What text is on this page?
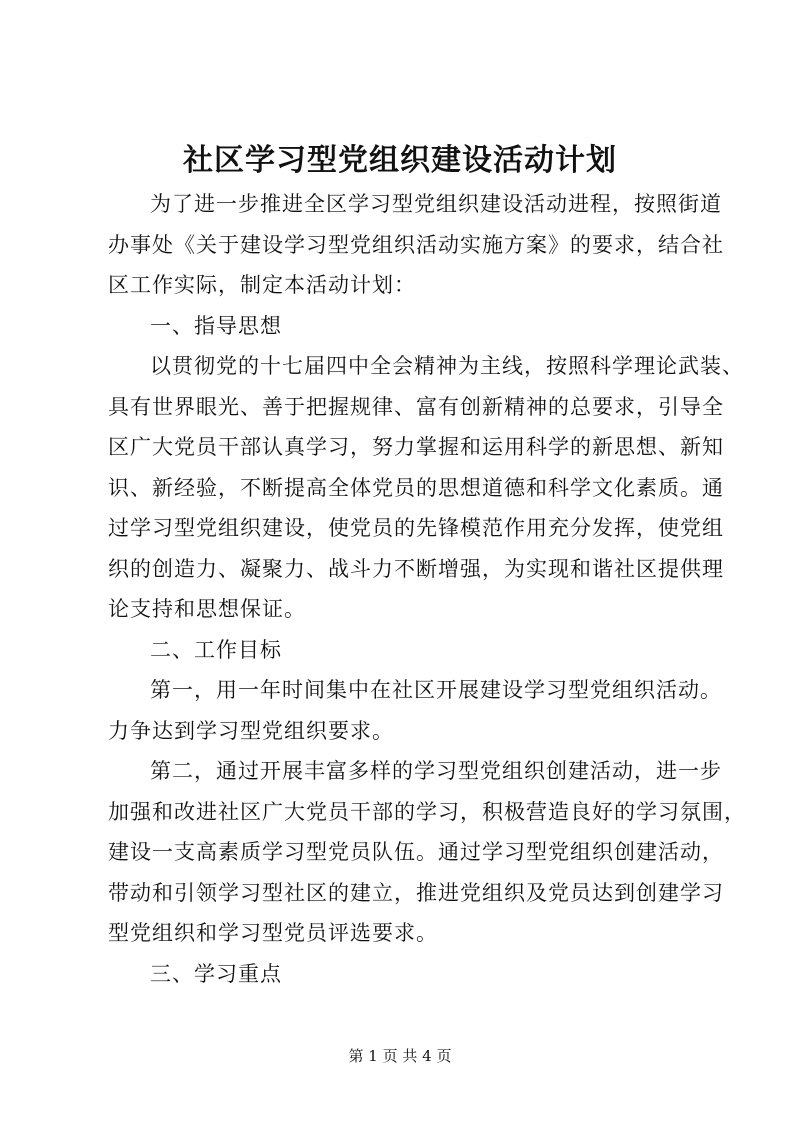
社区学习型党组织建设活动计划
为了进一步推进全区学习型党组织建设活动进程，按照街道
办事处《关于建设学习型党组织活动实施方案》的要求，结合社
区工作实际，制定本活动计划：
一、指导思想
以贯彻党的十七届四中全会精神为主线，按照科学理论武装、
具有世界眼光、善于把握规律、富有创新精神的总要求，引导全
区广大党员干部认真学习，努力掌握和运用科学的新思想、新知
识、新经验，不断提高全体党员的思想道德和科学文化素质。通
过学习型党组织建设，使党员的先锋模范作用充分发挥，使党组
织的创造力、凝聚力、战斗力不断增强，为实现和谐社区提供理
论支持和思想保证。
二、工作目标
第一，用一年时间集中在社区开展建设学习型党组织活动。
力争达到学习型党组织要求。
第二，通过开展丰富多样的学习型党组织创建活动，进一步
加强和改进社区广大党员干部的学习，积极营造良好的学习氛围，
建设一支高素质学习型党员队伍。通过学习型党组织创建活动，
带动和引领学习型社区的建立，推进党组织及党员达到创建学习
型党组织和学习型党员评选要求。
三、学习重点
第 1 页 共 4 页
